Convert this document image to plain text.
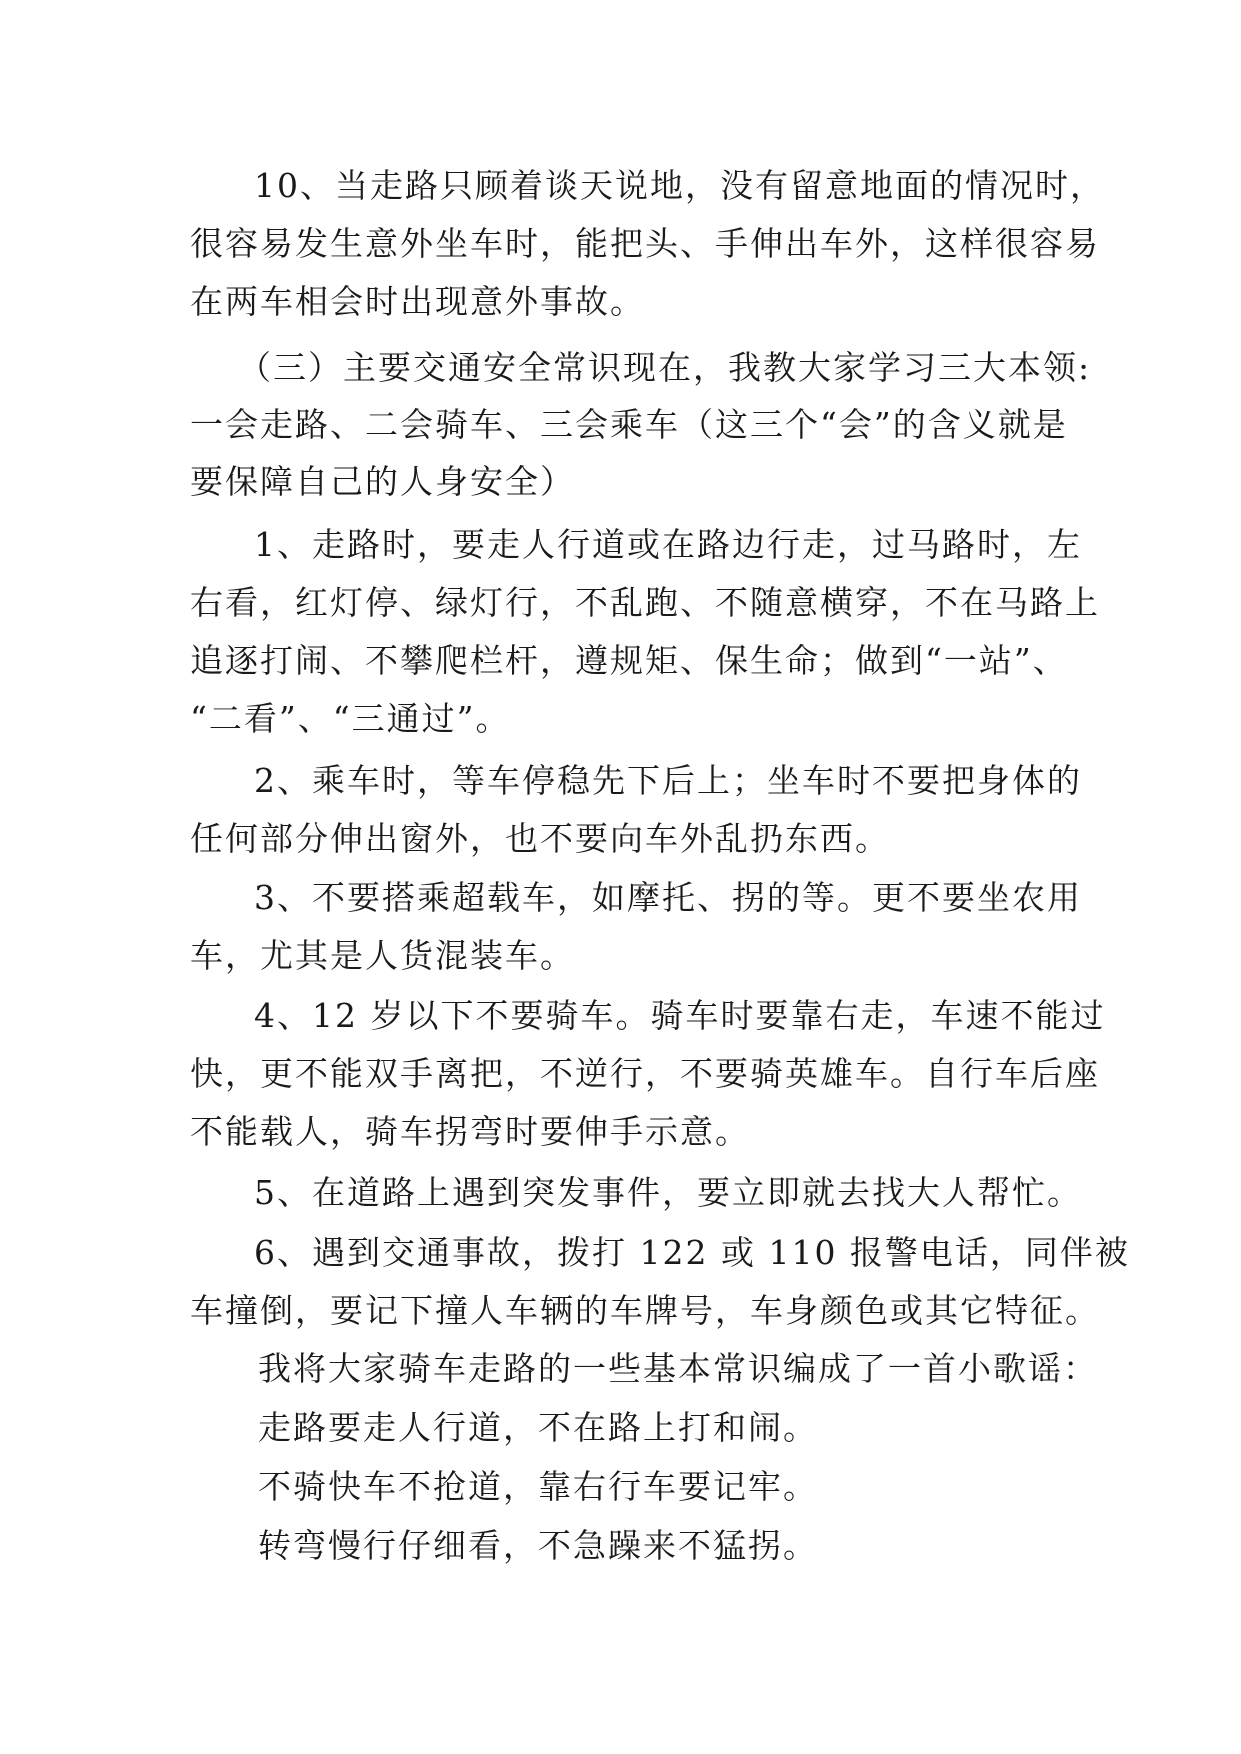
10、当走路只顾着谈天说地，没有留意地面的情况时，
很容易发生意外坐车时，能把头、手伸出车外，这样很容易
在两车相会时出现意外事故。
（三）主要交通安全常识现在，我教大家学习三大本领:
一会走路、二会骑车、三会乘车（这三个“会”的含义就是
要保障自己的人身安全）
1、走路时，要走人行道或在路边行走，过马路时，左
右看，红灯停、绿灯行，不乱跑、不随意横穿，不在马路上
追逐打闹、不攀爬栏杆，遵规矩、保生命；做到“一站”、
“二看”、“三通过”。
2、乘车时，等车停稳先下后上；坐车时不要把身体的
任何部分伸出窗外，也不要向车外乱扔东西。
3、不要搭乘超载车，如摩托、拐的等。更不要坐农用
车，尤其是人货混装车。
4、12 岁以下不要骑车。骑车时要靠右走，车速不能过
快，更不能双手离把，不逆行，不要骑英雄车。自行车后座
不能载人，骑车拐弯时要伸手示意。
5、在道路上遇到突发事件，要立即就去找大人帮忙。
6、遇到交通事故，拨打 122 或 110 报警电话，同伴被
车撞倒，要记下撞人车辆的车牌号，车身颜色或其它特征。
我将大家骑车走路的一些基本常识编成了一首小歌谣：
走路要走人行道，不在路上打和闹。
不骑快车不抢道，靠右行车要记牢。
转弯慢行仔细看，不急躁来不猛拐。
